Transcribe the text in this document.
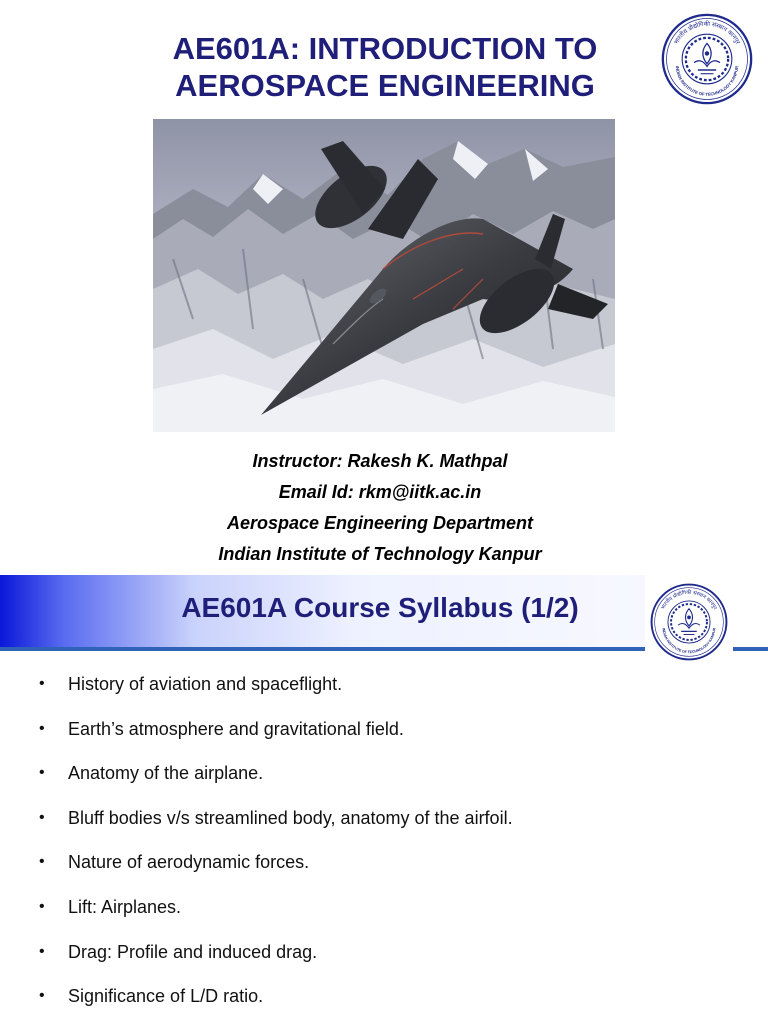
AE601A: INTRODUCTION TO
AEROSPACE ENGINEERING
भारतीय प्रौद्योगिकी संस्थान कानपुर
INDIAN INSTITUTE OF TECHNOLOGY KANPUR
Instructor: Rakesh K. Mathpal
Email Id: rkm@iitk.ac.in
Aerospace Engineering Department
Indian Institute of Technology Kanpur
AE601A Course Syllabus (1/2)	भारतीय प्रौद्योगिकी संस्थान कानपुर
INDIAN INSTITUTE OF TECHNOLOGY KANPUR
• History of aviation and spaceflight.
• Earth’s atmosphere and gravitational field.
• Anatomy of the airplane.
• Bluff bodies v/s streamlined body, anatomy of the airfoil.
• Nature of aerodynamic forces.
• Lift: Airplanes.
• Drag: Profile and induced drag.
• Significance of L/D ratio.
